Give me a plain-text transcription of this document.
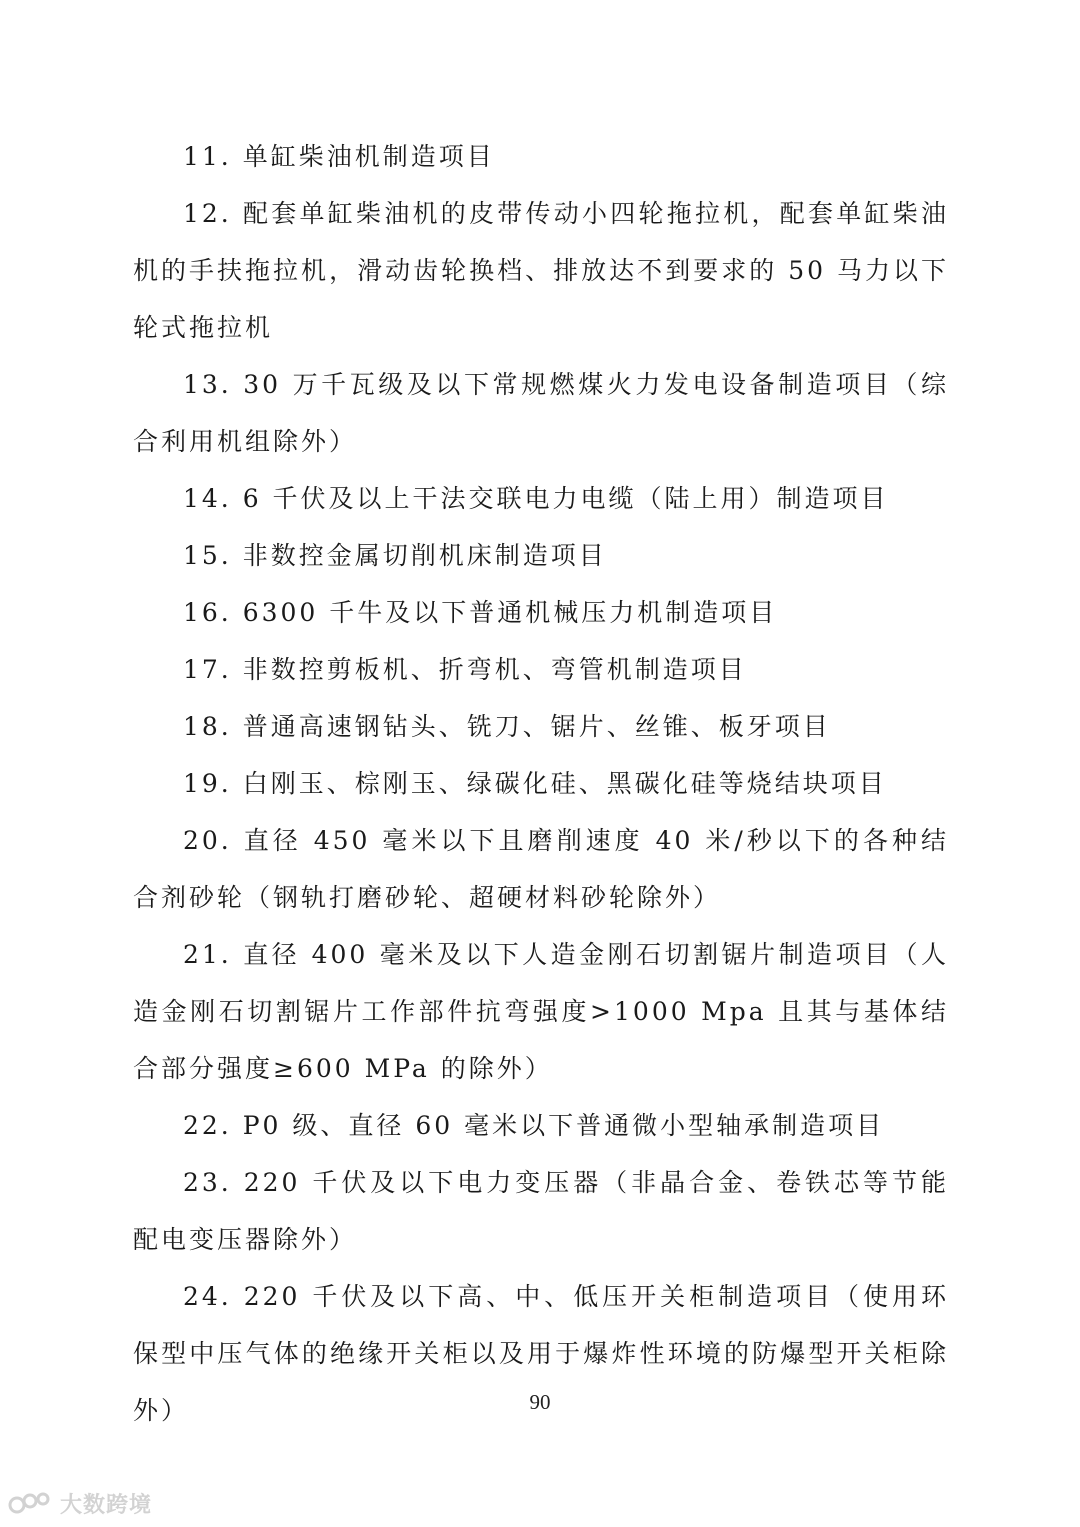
11. 单缸柴油机制造项目

12. 配套单缸柴油机的皮带传动小四轮拖拉机，配套单缸柴油机的手扶拖拉机，滑动齿轮换档、排放达不到要求的 50 马力以下轮式拖拉机

13. 30 万千瓦级及以下常规燃煤火力发电设备制造项目（综合利用机组除外）

14. 6 千伏及以上干法交联电力电缆（陆上用）制造项目

15. 非数控金属切削机床制造项目

16. 6300 千牛及以下普通机械压力机制造项目

17. 非数控剪板机、折弯机、弯管机制造项目

18. 普通高速钢钻头、铣刀、锯片、丝锥、板牙项目

19. 白刚玉、棕刚玉、绿碳化硅、黑碳化硅等烧结块项目

20. 直径 450 毫米以下且磨削速度 40 米/秒以下的各种结合剂砂轮（钢轨打磨砂轮、超硬材料砂轮除外）

21. 直径 400 毫米及以下人造金刚石切割锯片制造项目（人造金刚石切割锯片工作部件抗弯强度>1000 Mpa 且其与基体结合部分强度≥600 MPa 的除外）

22. P0 级、直径 60 毫米以下普通微小型轴承制造项目

23. 220 千伏及以下电力变压器（非晶合金、卷铁芯等节能配电变压器除外）

24. 220 千伏及以下高、中、低压开关柜制造项目（使用环保型中压气体的绝缘开关柜以及用于爆炸性环境的防爆型开关柜除外）	90
大数跨境
